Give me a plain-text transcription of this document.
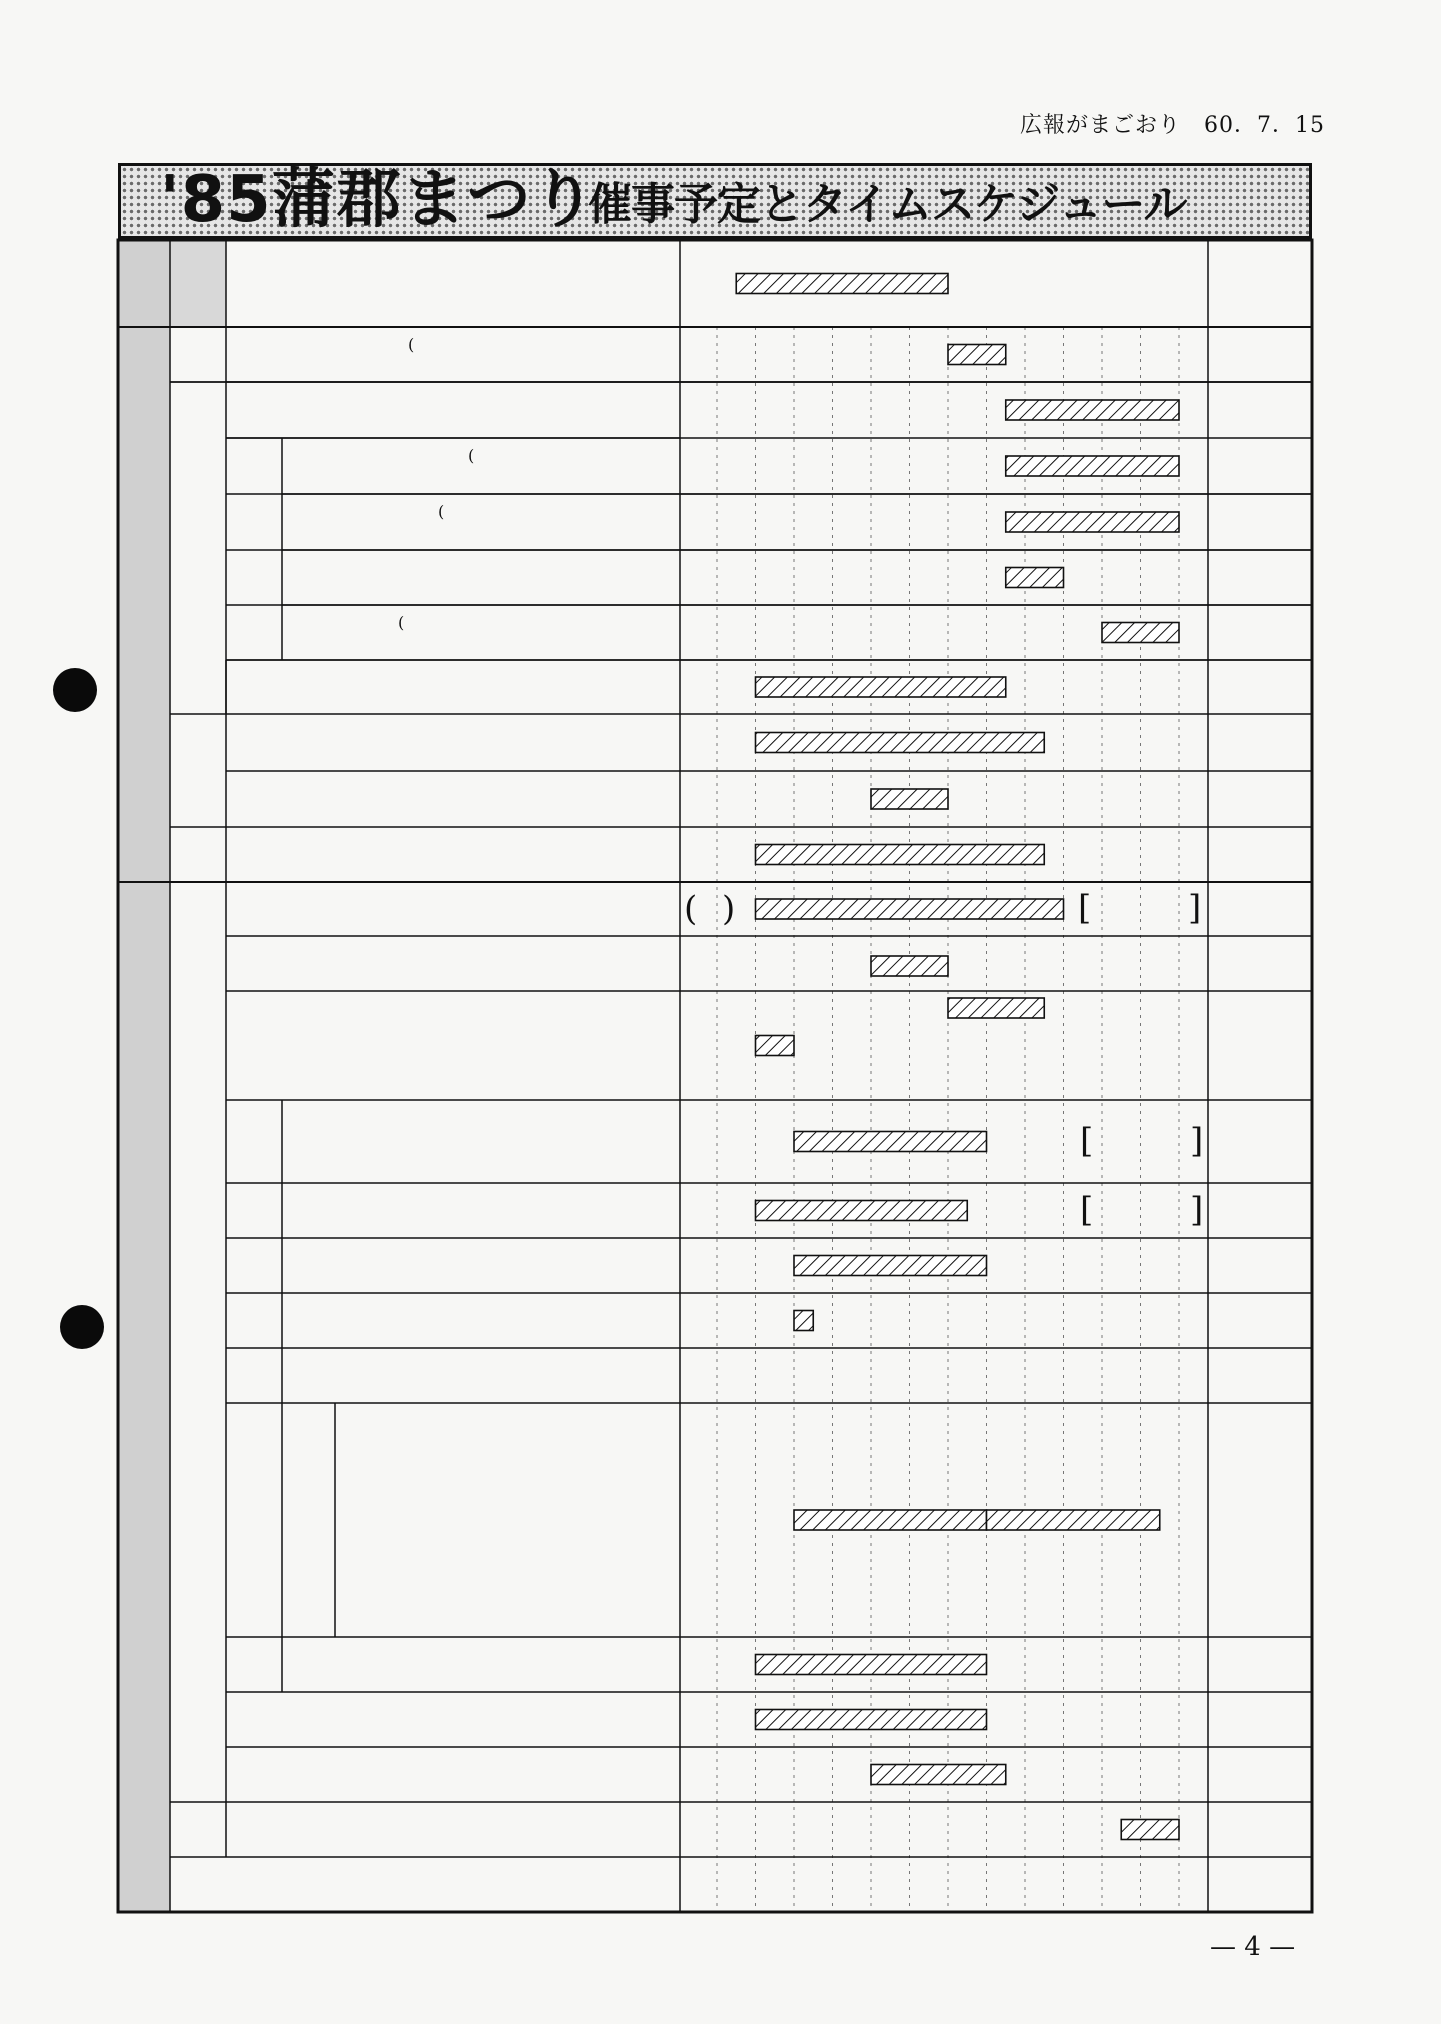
広報がまごおり　60．7．15
'85蒲郡まつり
催事予定とタイムスケジュール
(
(
(
(
( )	[	]
[	]
[	]
— 4 —
